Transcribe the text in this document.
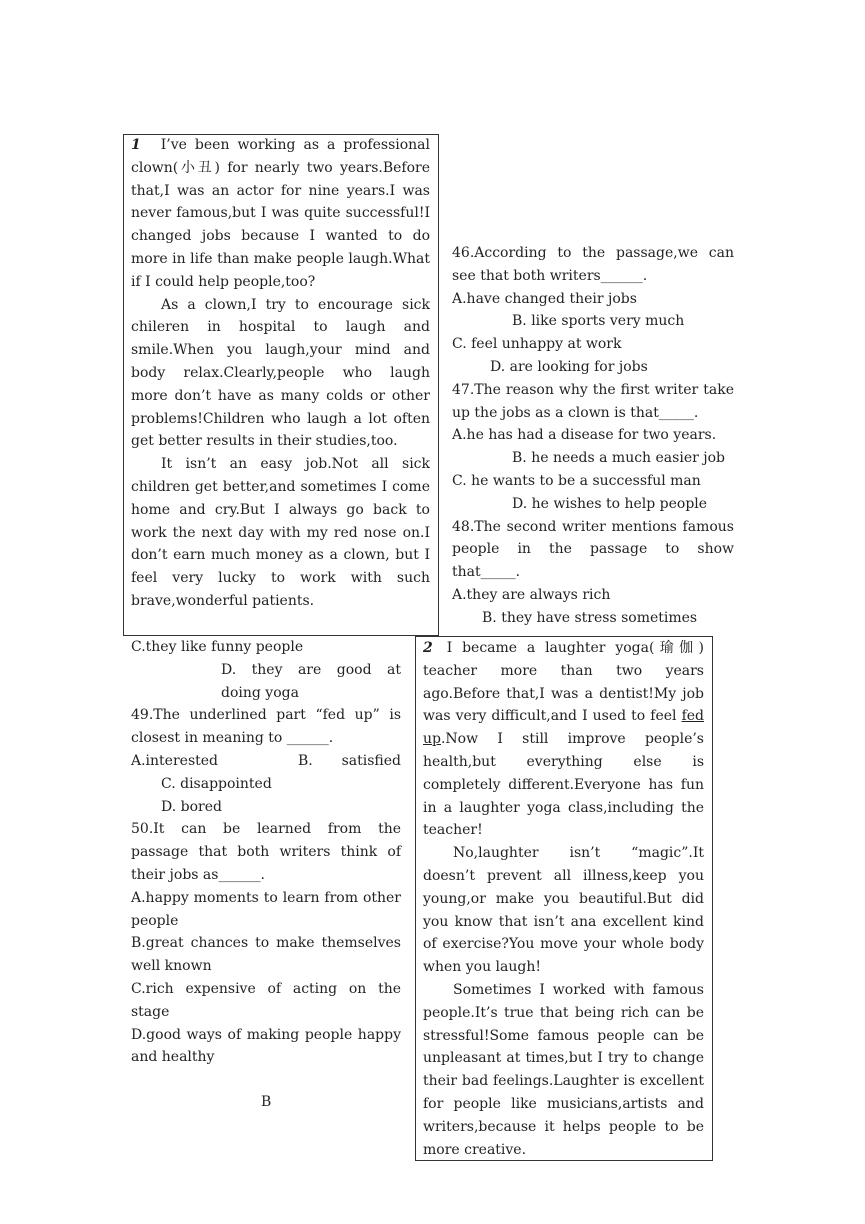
1 I’ve been working as a professional clown(小丑) for nearly two years.Before that,I was an actor for nine years.I was never famous,but I was quite successful!I changed jobs because I wanted to do more in life than make people laugh.What if I could help people,too?

As a clown,I try to encourage sick chileren in hospital to laugh and smile.When you laugh,your mind and body relax.Clearly,people who laugh more don’t have as many colds or other problems!Children who laugh a lot often get better results in their studies,too.

It isn’t an easy job.Not all sick children get better,and sometimes I come home and cry.But I always go back to work the next day with my red nose on.I don’t earn much money as a clown, but I feel very lucky to work with such brave,wonderful patients.

46.According to the passage,we can see that both writers______.

A.have changed their jobs

B. like sports very much

C. feel unhappy at work

D. are looking for jobs

47.The reason why the first writer take up the jobs as a clown is that_____.

A.he has had a disease for two years.

B. he needs a much easier job

C. he wants to be a successful man

D. he wishes to help people

48.The second writer mentions famous people in the passage to show that_____.

A.they are always rich

B. they have stress sometimes

C.they like funny people

D. they are good at doing yoga

49.The underlined part “fed up” is closest in meaning to ______.

A.interested	B. satisfiedC. disappointed

D. bored

50.It can be learned from the passage that both writers think of their jobs as______.

A.happy moments to learn from other people

B.great chances to make themselves well known

C.rich expensive of acting on the stage

D.good ways of making people happy and healthy

B

2 I became a laughter yoga(瑜伽) teacher more than two years ago.Before that,I was a dentist!My job was very difficult,and I used to feel fed up.Now I still improve people’s health,but everything else is completely different.Everyone has fun in a laughter yoga class,including the teacher!

No,laughter isn’t “magic”.It doesn’t prevent all illness,keep you young,or make you beautiful.But did you know that isn’t ana excellent kind of exercise?You move your whole body when you laugh!

Sometimes I worked with famous people.It’s true that being rich can be stressful!Some famous people can be unpleasant at times,but I try to change their bad feelings.Laughter is excellent for people like musicians,artists and writers,because it helps people to be more creative.
